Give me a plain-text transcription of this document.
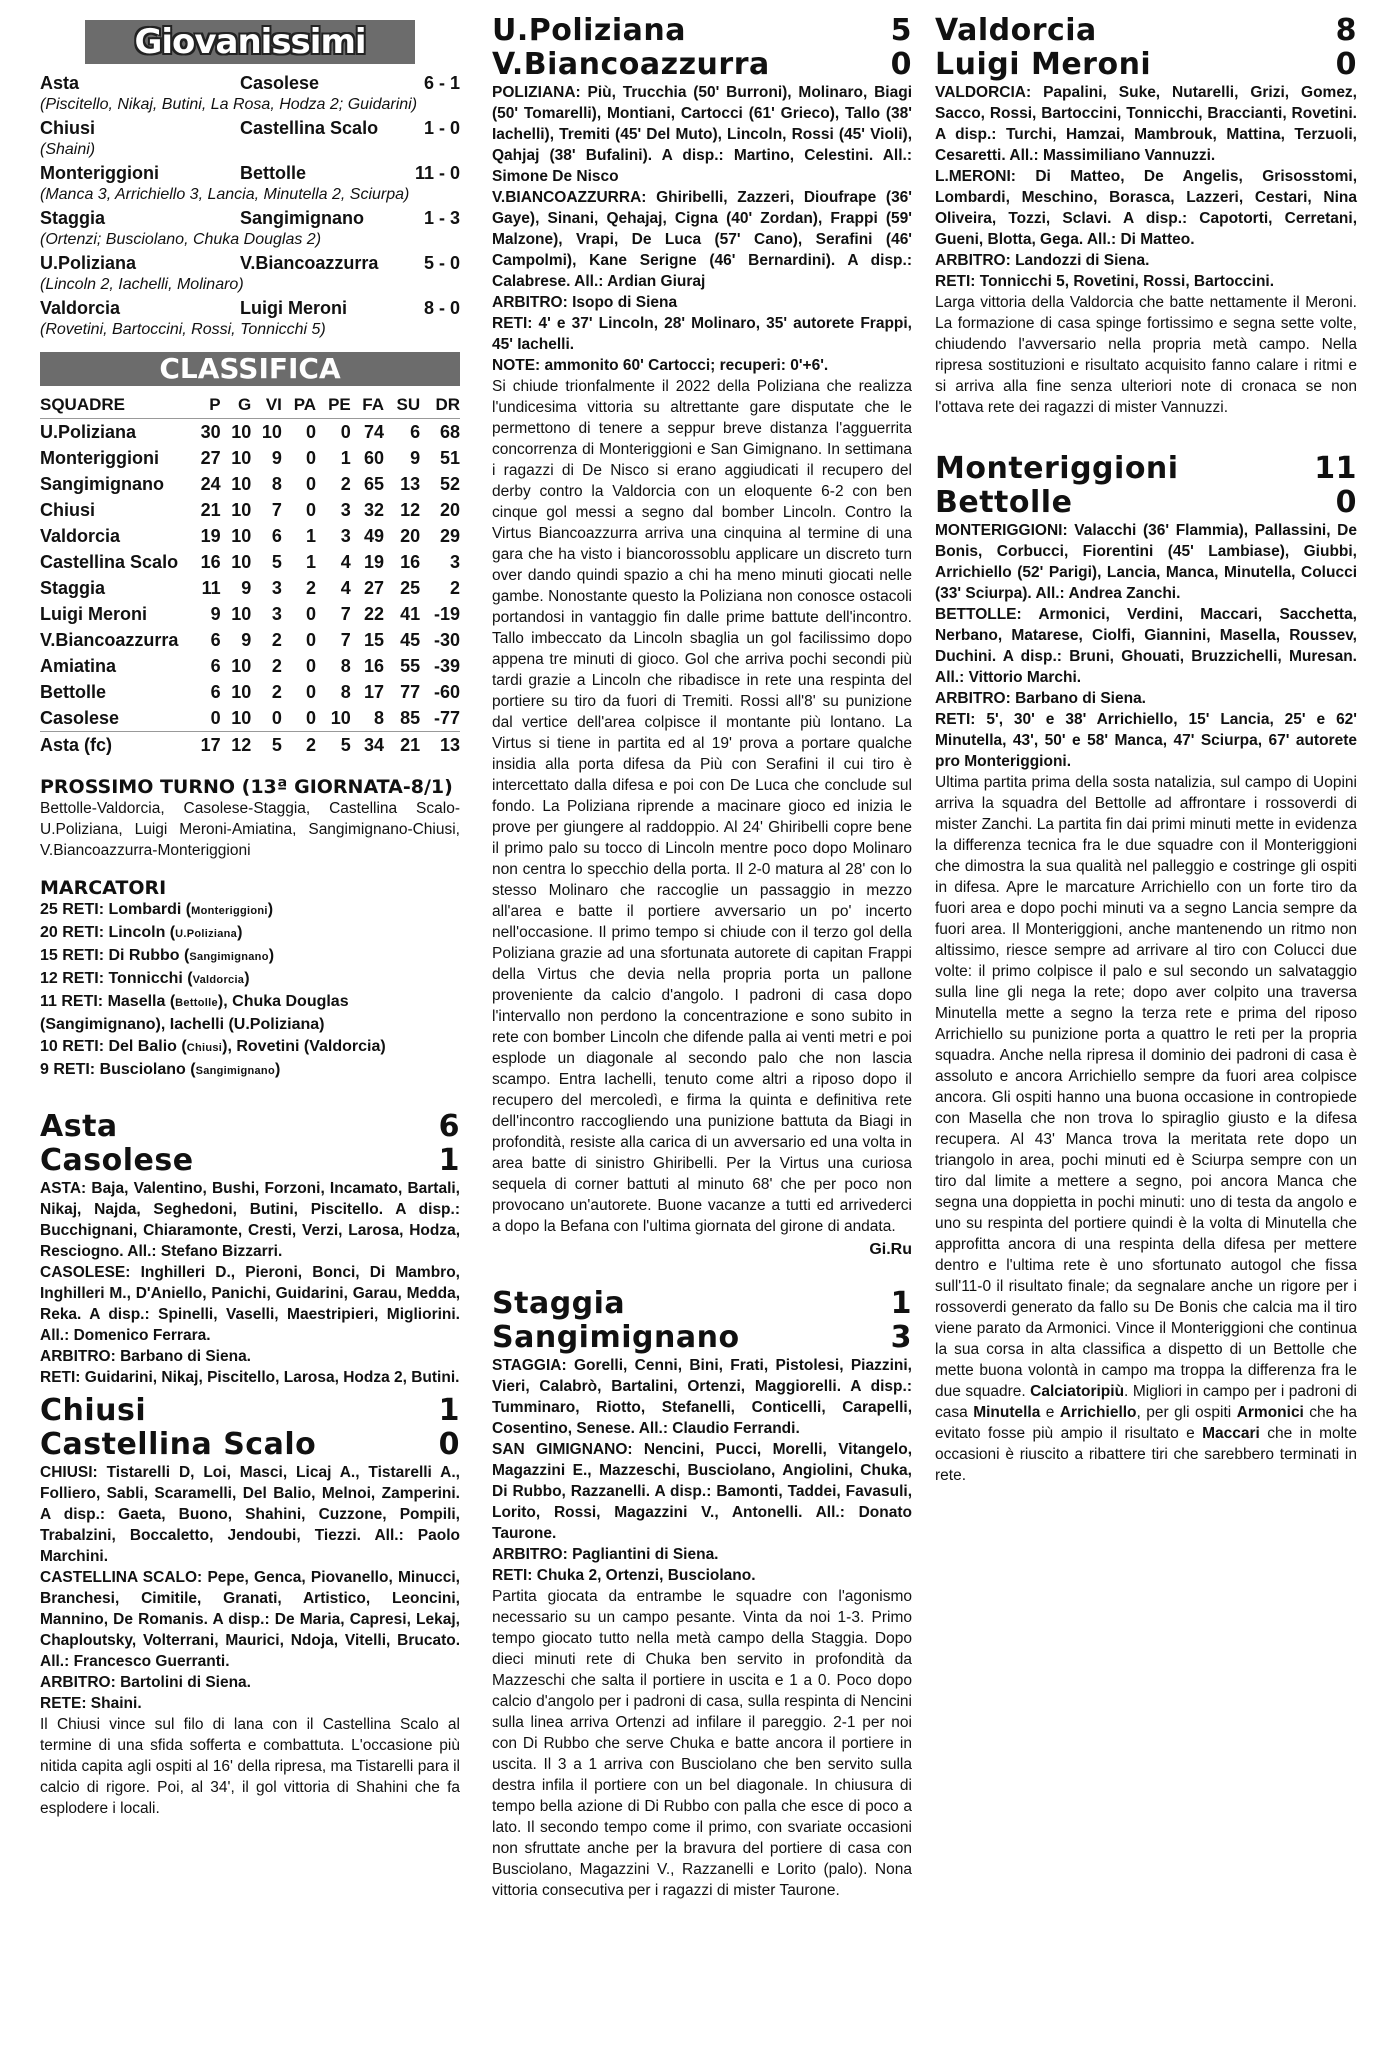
Giovanissimi
Asta	Casolese	6 - 1
(Piscitello, Nikaj, Butini, La Rosa, Hodza 2; Guidarini)
Chiusi	Castellina Scalo	1 - 0
(Shaini)
Monteriggioni	Bettolle	11 - 0
(Manca 3, Arrichiello 3, Lancia, Minutella 2, Sciurpa)
Staggia	Sangimignano	1 - 3
(Ortenzi; Busciolano, Chuka Douglas 2)
U.Poliziana	V.Biancoazzurra	5 - 0
(Lincoln 2, Iachelli, Molinaro)
Valdorcia	Luigi Meroni	8 - 0
(Rovetini, Bartoccini, Rossi, Tonnicchi 5)
CLASSIFICA
SQUADRE	P	G	VI	PA	PE	FA	SU	DR
U.Poliziana	30	10	10	0	0	74	6	68
Monteriggioni	27	10	9	0	1	60	9	51
Sangimignano	24	10	8	0	2	65	13	52
Chiusi	21	10	7	0	3	32	12	20
Valdorcia	19	10	6	1	3	49	20	29
Castellina Scalo	16	10	5	1	4	19	16	3
Staggia	11	9	3	2	4	27	25	2
Luigi Meroni	9	10	3	0	7	22	41	-19
V.Biancoazzurra	6	9	2	0	7	15	45	-30
Amiatina	6	10	2	0	8	16	55	-39
Bettolle	6	10	2	0	8	17	77	-60
Casolese	0	10	0	0	10	8	85	-77
Asta (fc)	17	12	5	2	5	34	21	13
PROSSIMO TURNO (13ª GIORNATA-8/1)
Bettolle-Valdorcia, Casolese-Staggia, Castellina Scalo-U.Poliziana, Luigi Meroni-Amiatina, Sangimignano-Chiusi, V.Biancoazzurra-Monteriggioni
MARCATORI
25 RETI: Lombardi (Monteriggioni)
20 RETI: Lincoln (U.Poliziana)
15 RETI: Di Rubbo (Sangimignano)
12 RETI: Tonnicchi (Valdorcia)
11 RETI: Masella (Bettolle), Chuka Douglas (Sangimignano), Iachelli (U.Poliziana)
10 RETI: Del Balio (Chiusi), Rovetini (Valdorcia)
9 RETI: Busciolano (Sangimignano)
Asta	6
Casolese	1
ASTA: Baja, Valentino, Bushi, Forzoni, Incamato, Bartali, Nikaj, Najda, Seghedoni, Butini, Piscitello. A disp.: Bucchignani, Chiaramonte, Cresti, Verzi, Larosa, Hodza, Resciogno. All.: Stefano Bizzarri.
CASOLESE: Inghilleri D., Pieroni, Bonci, Di Mambro, Inghilleri M., D'Aniello, Panichi, Guidarini, Garau, Medda, Reka. A disp.: Spinelli, Vaselli, Maestripieri, Migliorini. All.: Domenico Ferrara.
ARBITRO: Barbano di Siena.
RETI: Guidarini, Nikaj, Piscitello, Larosa, Hodza 2, Butini.
Chiusi	1
Castellina Scalo	0
CHIUSI: Tistarelli D, Loi, Masci, Licaj A., Tistarelli A., Folliero, Sabli, Scaramelli, Del Balio, Melnoi, Zamperini. A disp.: Gaeta, Buono, Shahini, Cuzzone, Pompili, Trabalzini, Boccaletto, Jendoubi, Tiezzi. All.: Paolo Marchini.
CASTELLINA SCALO: Pepe, Genca, Piovanello, Minucci, Branchesi, Cimitile, Granati, Artistico, Leoncini, Mannino, De Romanis. A disp.: De Maria, Capresi, Lekaj, Chaploutsky, Volterrani, Maurici, Ndoja, Vitelli, Brucato. All.: Francesco Guerranti.
ARBITRO: Bartolini di Siena.
RETE: Shaini.
Il Chiusi vince sul filo di lana con il Castellina Scalo al termine di una sfida sofferta e combattuta. L'occasione più nitida capita agli ospiti al 16' della ripresa, ma Tistarelli para il calcio di rigore. Poi, al 34', il gol vittoria di Shahini che fa esplodere i locali.
U.Poliziana	5
V.Biancoazzurra	0
POLIZIANA: Più, Trucchia (50' Burroni), Molinaro, Biagi (50' Tomarelli), Montiani, Cartocci (61' Grieco), Tallo (38' Iachelli), Tremiti (45' Del Muto), Lincoln, Rossi (45' Violi), Qahjaj (38' Bufalini). A disp.: Martino, Celestini. All.: Simone De Nisco
V.BIANCOAZZURRA: Ghiribelli, Zazzeri, Dioufrape (36' Gaye), Sinani, Qehajaj, Cigna (40' Zordan), Frappi (59' Malzone), Vrapi, De Luca (57' Cano), Serafini (46' Campolmi), Kane Serigne (46' Bernardini). A disp.: Calabrese. All.: Ardian Giuraj
ARBITRO: Isopo di Siena
RETI: 4' e 37' Lincoln, 28' Molinaro, 35' autorete Frappi, 45' Iachelli.
NOTE: ammonito 60' Cartocci; recuperi: 0'+6'.
Si chiude trionfalmente il 2022 della Poliziana che realizza l'undicesima vittoria su altrettante gare disputate che le permettono di tenere a seppur breve distanza l'agguerrita concorrenza di Monteriggioni e San Gimignano. In settimana i ragazzi di De Nisco si erano aggiudicati il recupero del derby contro la Valdorcia con un eloquente 6-2 con ben cinque gol messi a segno dal bomber Lincoln. Contro la Virtus Biancoazzurra arriva una cinquina al termine di una gara che ha visto i biancorossoblu applicare un discreto turn over dando quindi spazio a chi ha meno minuti giocati nelle gambe. Nonostante questo la Poliziana non conosce ostacoli portandosi in vantaggio fin dalle prime battute dell'incontro. Tallo imbeccato da Lincoln sbaglia un gol facilissimo dopo appena tre minuti di gioco. Gol che arriva pochi secondi più tardi grazie a Lincoln che ribadisce in rete una respinta del portiere su tiro da fuori di Tremiti. Rossi all'8' su punizione dal vertice dell'area colpisce il montante più lontano. La Virtus si tiene in partita ed al 19' prova a portare qualche insidia alla porta difesa da Più con Serafini il cui tiro è intercettato dalla difesa e poi con De Luca che conclude sul fondo. La Poliziana riprende a macinare gioco ed inizia le prove per giungere al raddoppio. Al 24' Ghiribelli copre bene il primo palo su tocco di Lincoln mentre poco dopo Molinaro non centra lo specchio della porta. Il 2-0 matura al 28' con lo stesso Molinaro che raccoglie un passaggio in mezzo all'area e batte il portiere avversario un po' incerto nell'occasione. Il primo tempo si chiude con il terzo gol della Poliziana grazie ad una sfortunata autorete di capitan Frappi della Virtus che devia nella propria porta un pallone proveniente da calcio d'angolo. I padroni di casa dopo l'intervallo non perdono la concentrazione e sono subito in rete con bomber Lincoln che difende palla ai venti metri e poi esplode un diagonale al secondo palo che non lascia scampo. Entra Iachelli, tenuto come altri a riposo dopo il recupero del mercoledì, e firma la quinta e definitiva rete dell'incontro raccogliendo una punizione battuta da Biagi in profondità, resiste alla carica di un avversario ed una volta in area batte di sinistro Ghiribelli. Per la Virtus una curiosa sequela di corner battuti al minuto 68' che per poco non provocano un'autorete. Buone vacanze a tutti ed arrivederci a dopo la Befana con l'ultima giornata del girone di andata.
Gi.Ru
Staggia	1
Sangimignano	3
STAGGIA: Gorelli, Cenni, Bini, Frati, Pistolesi, Piazzini, Vieri, Calabrò, Bartalini, Ortenzi, Maggiorelli. A disp.: Tumminaro, Riotto, Stefanelli, Conticelli, Carapelli, Cosentino, Senese. All.: Claudio Ferrandi.
SAN GIMIGNANO: Nencini, Pucci, Morelli, Vitangelo, Magazzini E., Mazzeschi, Busciolano, Angiolini, Chuka, Di Rubbo, Razzanelli. A disp.: Bamonti, Taddei, Favasuli, Lorito, Rossi, Magazzini V., Antonelli. All.: Donato Taurone.
ARBITRO: Pagliantini di Siena.
RETI: Chuka 2, Ortenzi, Busciolano.
Partita giocata da entrambe le squadre con l'agonismo necessario su un campo pesante. Vinta da noi 1-3. Primo tempo giocato tutto nella metà campo della Staggia. Dopo dieci minuti rete di Chuka ben servito in profondità da Mazzeschi che salta il portiere in uscita e 1 a 0. Poco dopo calcio d'angolo per i padroni di casa, sulla respinta di Nencini sulla linea arriva Ortenzi ad infilare il pareggio. 2-1 per noi con Di Rubbo che serve Chuka e batte ancora il portiere in uscita. Il 3 a 1 arriva con Busciolano che ben servito sulla destra infila il portiere con un bel diagonale. In chiusura di tempo bella azione di Di Rubbo con palla che esce di poco a lato. Il secondo tempo come il primo, con svariate occasioni non sfruttate anche per la bravura del portiere di casa con Busciolano, Magazzini V., Razzanelli e Lorito (palo). Nona vittoria consecutiva per i ragazzi di mister Taurone.
Valdorcia	8
Luigi Meroni	0
VALDORCIA: Papalini, Suke, Nutarelli, Grizi, Gomez, Sacco, Rossi, Bartoccini, Tonnicchi, Braccianti, Rovetini. A disp.: Turchi, Hamzai, Mambrouk, Mattina, Terzuoli, Cesaretti. All.: Massimiliano Vannuzzi.
L.MERONI: Di Matteo, De Angelis, Grisosstomi, Lombardi, Meschino, Borasca, Lazzeri, Cestari, Nina Oliveira, Tozzi, Sclavi. A disp.: Capotorti, Cerretani, Gueni, Blotta, Gega. All.: Di Matteo.
ARBITRO: Landozzi di Siena.
RETI: Tonnicchi 5, Rovetini, Rossi, Bartoccini.
Larga vittoria della Valdorcia che batte nettamente il Meroni. La formazione di casa spinge fortissimo e segna sette volte, chiudendo l'avversario nella propria metà campo. Nella ripresa sostituzioni e risultato acquisito fanno calare i ritmi e si arriva alla fine senza ulteriori note di cronaca se non l'ottava rete dei ragazzi di mister Vannuzzi.
Monteriggioni	11
Bettolle	0
MONTERIGGIONI: Valacchi (36' Flammia), Pallassini, De Bonis, Corbucci, Fiorentini (45' Lambiase), Giubbi, Arrichiello (52' Parigi), Lancia, Manca, Minutella, Colucci (33' Sciurpa). All.: Andrea Zanchi.
BETTOLLE: Armonici, Verdini, Maccari, Sacchetta, Nerbano, Matarese, Ciolfi, Giannini, Masella, Roussev, Duchini. A disp.: Bruni, Ghouati, Bruzzichelli, Muresan. All.: Vittorio Marchi.
ARBITRO: Barbano di Siena.
RETI: 5', 30' e 38' Arrichiello, 15' Lancia, 25' e 62' Minutella, 43', 50' e 58' Manca, 47' Sciurpa, 67' autorete pro Monteriggioni.
Ultima partita prima della sosta natalizia, sul campo di Uopini arriva la squadra del Bettolle ad affrontare i rossoverdi di mister Zanchi. La partita fin dai primi minuti mette in evidenza la differenza tecnica fra le due squadre con il Monteriggioni che dimostra la sua qualità nel palleggio e costringe gli ospiti in difesa. Apre le marcature Arrichiello con un forte tiro da fuori area e dopo pochi minuti va a segno Lancia sempre da fuori area. Il Monteriggioni, anche mantenendo un ritmo non altissimo, riesce sempre ad arrivare al tiro con Colucci due volte: il primo colpisce il palo e sul secondo un salvataggio sulla line gli nega la rete; dopo aver colpito una traversa Minutella mette a segno la terza rete e prima del riposo Arrichiello su punizione porta a quattro le reti per la propria squadra. Anche nella ripresa il dominio dei padroni di casa è assoluto e ancora Arrichiello sempre da fuori area colpisce ancora. Gli ospiti hanno una buona occasione in contropiede con Masella che non trova lo spiraglio giusto e la difesa recupera. Al 43' Manca trova la meritata rete dopo un triangolo in area, pochi minuti ed è Sciurpa sempre con un tiro dal limite a mettere a segno, poi ancora Manca che segna una doppietta in pochi minuti: uno di testa da angolo e uno su respinta del portiere quindi è la volta di Minutella che approfitta ancora di una respinta della difesa per mettere dentro e l'ultima rete è uno sfortunato autogol che fissa sull'11-0 il risultato finale; da segnalare anche un rigore per i rossoverdi generato da fallo su De Bonis che calcia ma il tiro viene parato da Armonici. Vince il Monteriggioni che continua la sua corsa in alta classifica a dispetto di un Bettolle che mette buona volontà in campo ma troppa la differenza fra le due squadre. Calciatoripiù. Migliori in campo per i padroni di casa Minutella e Arrichiello, per gli ospiti Armonici che ha evitato fosse più ampio il risultato e Maccari che in molte occasioni è riuscito a ribattere tiri che sarebbero terminati in rete.
